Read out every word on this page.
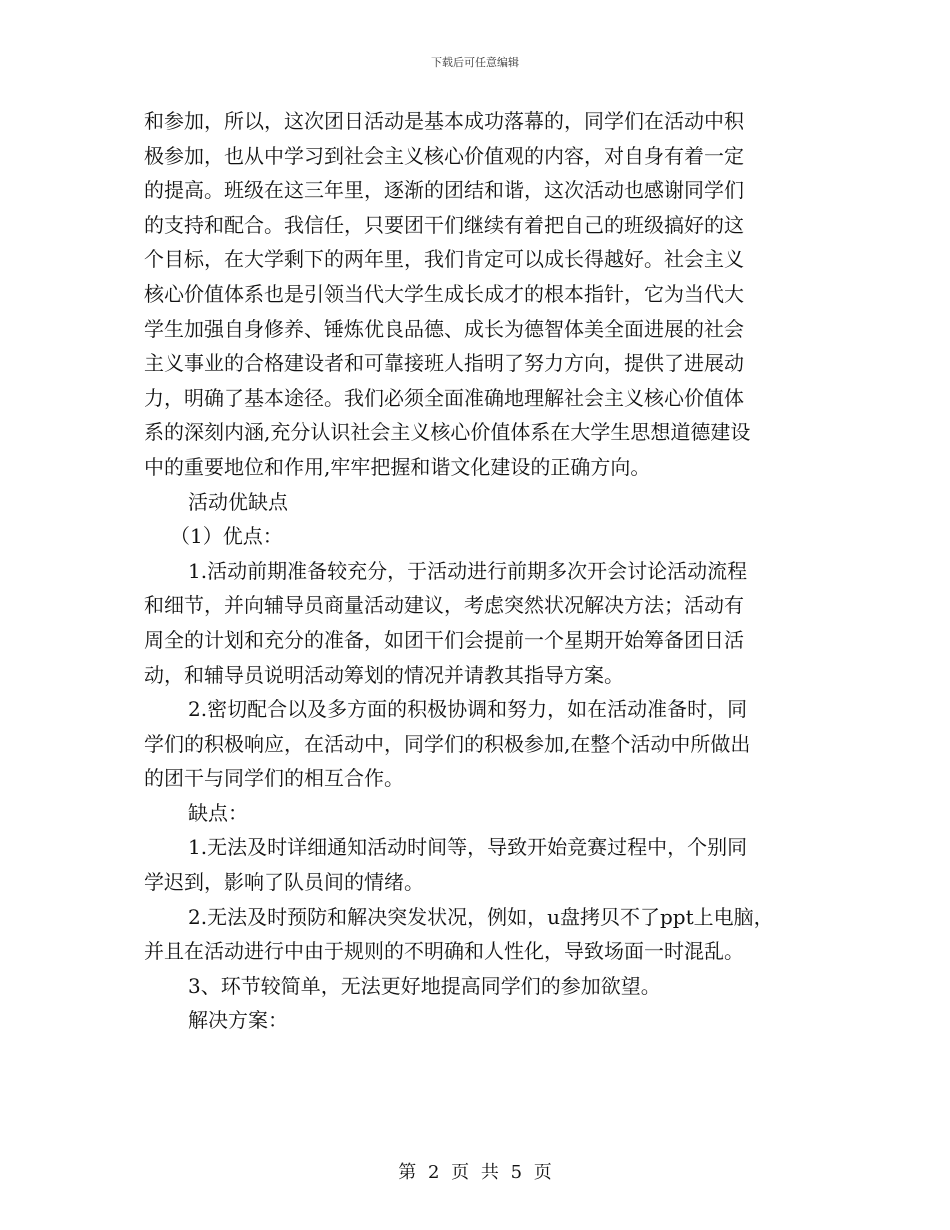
下载后可任意编辑
和参加，所以，这次团日活动是基本成功落幕的，同学们在活动中积
极参加，也从中学习到社会主义核心价值观的内容，对自身有着一定
的提高。班级在这三年里，逐渐的团结和谐，这次活动也感谢同学们
的支持和配合。我信任，只要团干们继续有着把自己的班级搞好的这
个目标，在大学剩下的两年里，我们肯定可以成长得越好。社会主义
核心价值体系也是引领当代大学生成长成才的根本指针，它为当代大
学生加强自身修养、锤炼优良品德、成长为德智体美全面进展的社会
主义事业的合格建设者和可靠接班人指明了努力方向，提供了进展动
力，明确了基本途径。我们必须全面准确地理解社会主义核心价值体
系的深刻内涵,充分认识社会主义核心价值体系在大学生思想道德建设
中的重要地位和作用,牢牢把握和谐文化建设的正确方向。
活动优缺点
（1）优点：
1.活动前期准备较充分，于活动进行前期多次开会讨论活动流程
和细节，并向辅导员商量活动建议，考虑突然状况解决方法；活动有
周全的计划和充分的准备，如团干们会提前一个星期开始筹备团日活
动，和辅导员说明活动筹划的情况并请教其指导方案。
2.密切配合以及多方面的积极协调和努力，如在活动准备时，同
学们的积极响应，在活动中，同学们的积极参加,在整个活动中所做出
的团干与同学们的相互合作。
缺点：
1.无法及时详细通知活动时间等，导致开始竞赛过程中，个别同
学迟到，影响了队员间的情绪。
2.无法及时预防和解决突发状况，例如，u盘拷贝不了ppt上电脑，
并且在活动进行中由于规则的不明确和人性化，导致场面一时混乱。
3、环节较简单，无法更好地提高同学们的参加欲望。
解决方案：
第 2 页 共 5 页
